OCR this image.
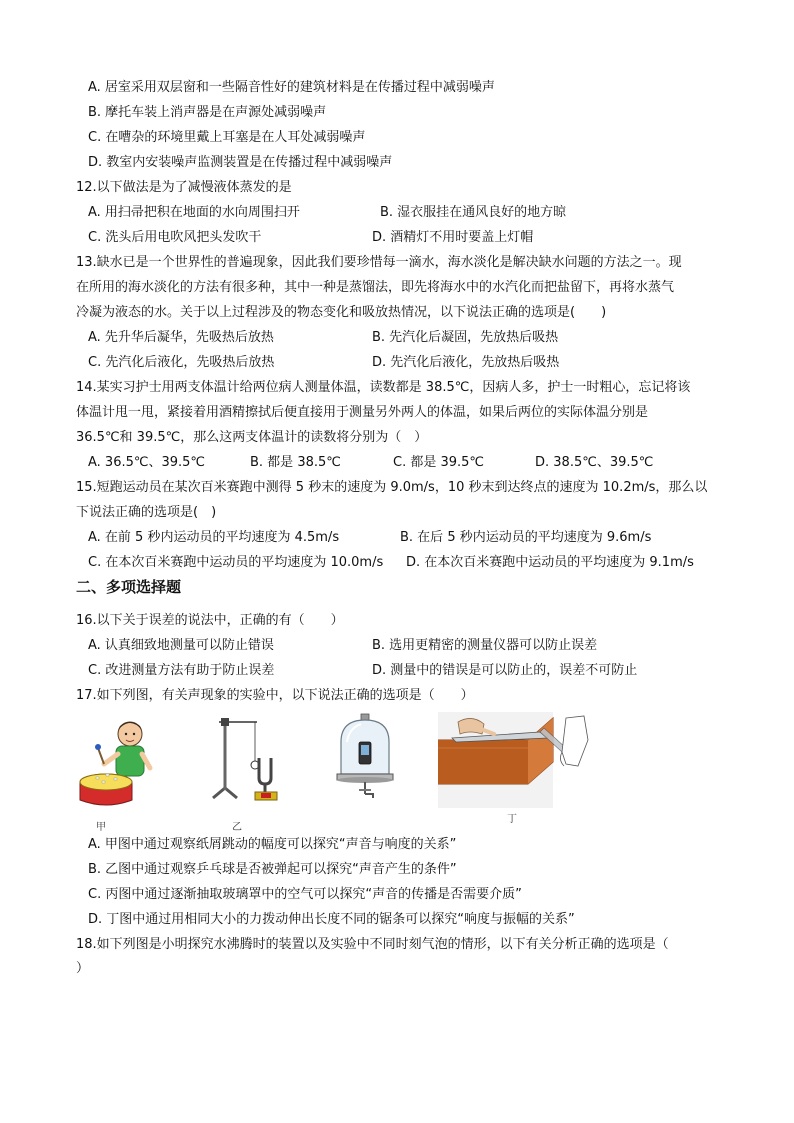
A. 居室采用双层窗和一些隔音性好的建筑材料是在传播过程中减弱噪声
B. 摩托车装上消声器是在声源处减弱噪声
C. 在嘈杂的环境里戴上耳塞是在人耳处减弱噪声
D. 教室内安装噪声监测装置是在传播过程中减弱噪声
12.以下做法是为了减慢液体蒸发的是
A. 用扫帚把积在地面的水向周围扫开	B. 湿衣服挂在通风良好的地方晾
C. 洗头后用电吹风把头发吹干	D. 酒精灯不用时要盖上灯帽
13.缺水已是一个世界性的普遍现象，因此我们要珍惜每一滴水，海水淡化是解决缺水问题的方法之一。现
在所用的海水淡化的方法有很多种，其中一种是蒸馏法，即先将海水中的水汽化而把盐留下，再将水蒸气
冷凝为液态的水。关于以上过程涉及的物态变化和吸放热情况，以下说法正确的选项是(　　)
A. 先升华后凝华，先吸热后放热	B. 先汽化后凝固，先放热后吸热
C. 先汽化后液化，先吸热后放热	D. 先汽化后液化，先放热后吸热
14.某实习护士用两支体温计给两位病人测量体温，读数都是 38.5℃，因病人多，护士一时粗心，忘记将该
体温计甩一甩，紧接着用酒精擦拭后便直接用于测量另外两人的体温，如果后两位的实际体温分别是
36.5℃和 39.5℃，那么这两支体温计的读数将分别为（　）
A. 36.5℃、39.5℃	B. 都是 38.5℃	C. 都是 39.5℃	D. 38.5℃、39.5℃
15.短跑运动员在某次百米赛跑中测得 5 秒末的速度为 9.0m/s，10 秒末到达终点的速度为 10.2m/s，那么以
下说法正确的选项是(　)
A. 在前 5 秒内运动员的平均速度为 4.5m/s	B. 在后 5 秒内运动员的平均速度为 9.6m/s
C. 在本次百米赛跑中运动员的平均速度为 10.0m/s D. 在本次百米赛跑中运动员的平均速度为 9.1m/s
二、多项选择题
16.以下关于误差的说法中，正确的有（　　）
A. 认真细致地测量可以防止错误	B. 选用更精密的测量仪器可以防止误差
C. 改进测量方法有助于防止误差	D. 测量中的错误是可以防止的，误差不可防止
17.如下列图，有关声现象的实验中，以下说法正确的选项是（　　）
甲	乙
丁
A. 甲图中通过观察纸屑跳动的幅度可以探究“声音与响度的关系”
B. 乙图中通过观察乒乓球是否被弹起可以探究“声音产生的条件”
C. 丙图中通过逐渐抽取玻璃罩中的空气可以探究“声音的传播是否需要介质”
D. 丁图中通过用相同大小的力拨动伸出长度不同的锯条可以探究“响度与振幅的关系”
18.如下列图是小明探究水沸腾时的装置以及实验中不同时刻气泡的情形，以下有关分析正确的选项是（
）
